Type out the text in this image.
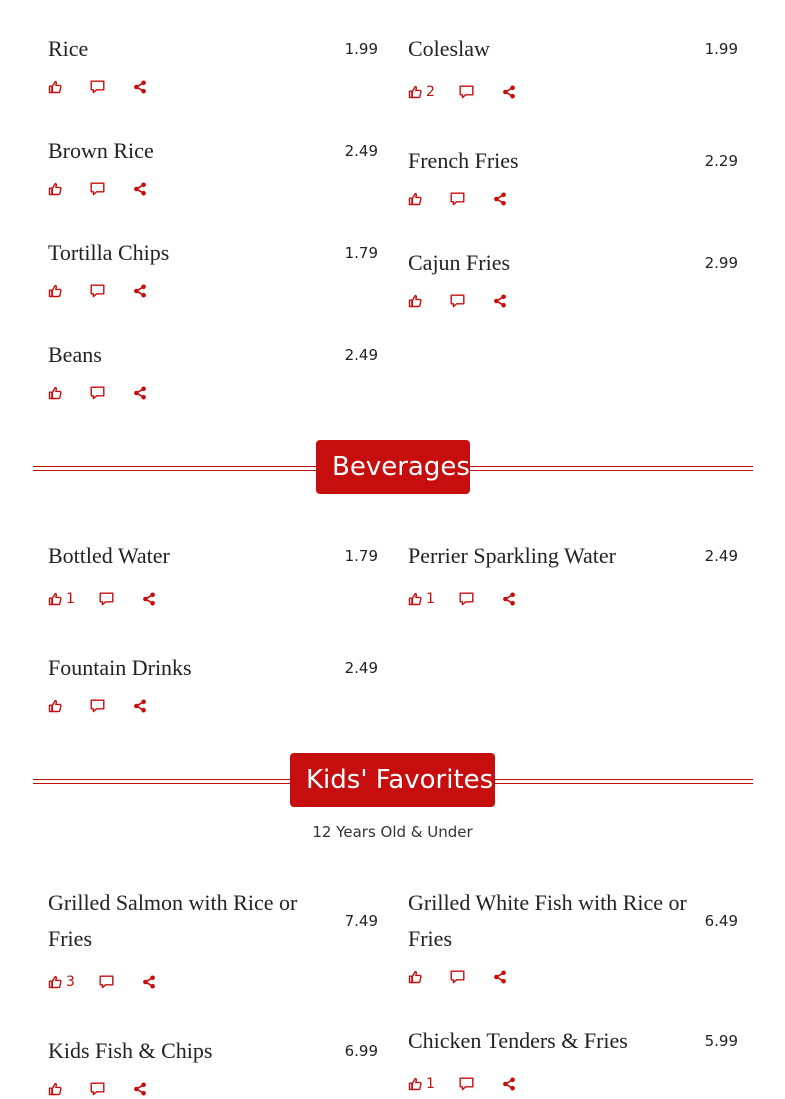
Rice	1.99 Coleslaw	1.99
2
Brown Rice	2.49 French Fries	2.29
Tortilla Chips	1.79 Cajun Fries	2.99
Beans	2.49
Beverages
Bottled Water	1.79
1
Perrier Sparkling Water	2.49
1
Fountain Drinks	2.49
Kids' Favorites
12 Years Old & Under
Grilled Salmon with Rice or Fries
7.49
3
Grilled White Fish with Rice or Fries
6.49
Kids Fish & Chips	6.99 Chicken Tenders & Fries	5.99
1
